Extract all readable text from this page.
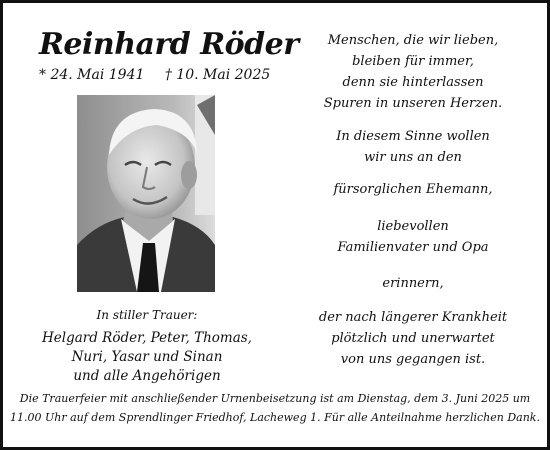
Reinhard Röder
* 24. Mai 1941 † 10. Mai 2025
In stiller Trauer:
Helgard Röder, Peter, Thomas,
Nuri, Yasar und Sinan
und alle Angehörigen
Menschen, die wir lieben,
bleiben für immer,
denn sie hinterlassen
Spuren in unseren Herzen.
In diesem Sinne wollen
wir uns an den
fürsorglichen Ehemann,
liebevollen
Familienvater und Opa
erinnern,
der nach längerer Krankheit
plötzlich und unerwartet
von uns gegangen ist.
Die Trauerfeier mit anschließender Urnenbeisetzung ist am Dienstag, dem 3. Juni 2025 um
11.00 Uhr auf dem Sprendlinger Friedhof, Lacheweg 1. Für alle Anteilnahme herzlichen Dank.
